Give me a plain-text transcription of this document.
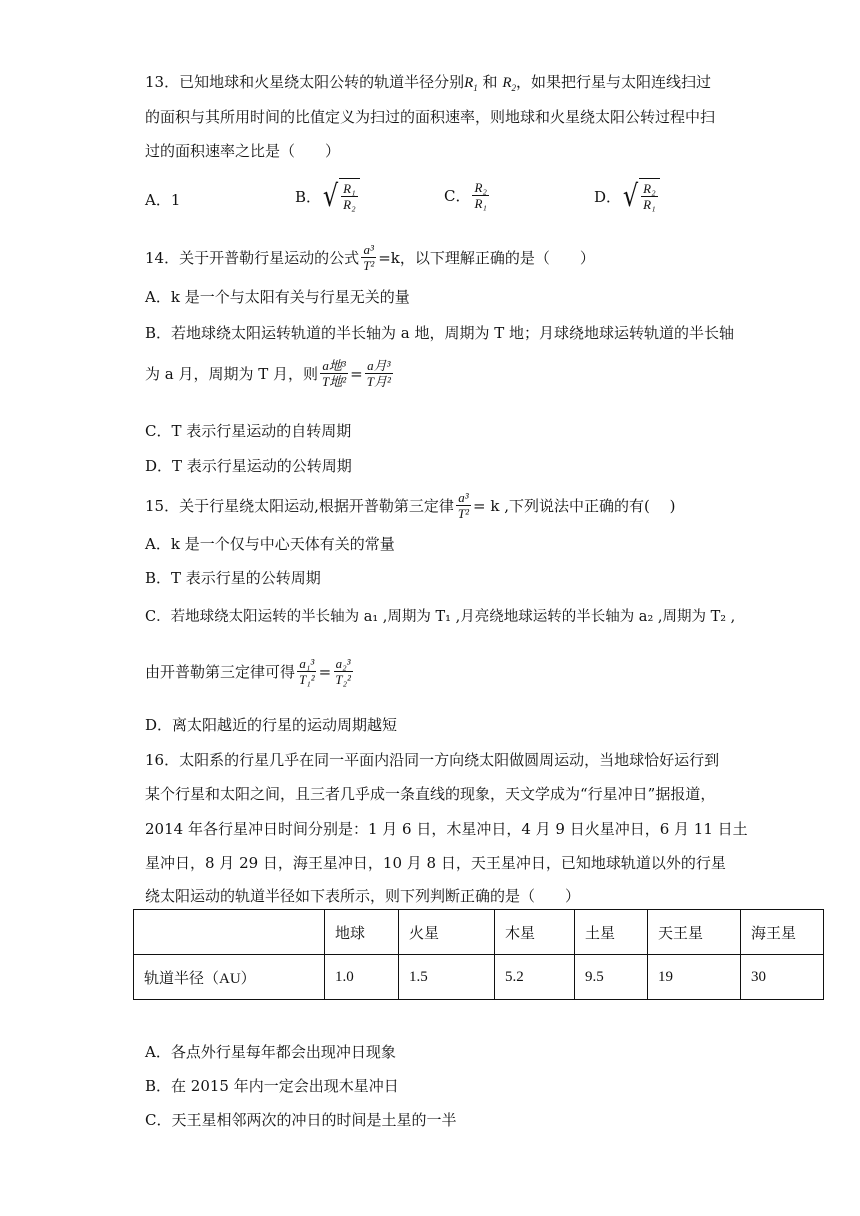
13．已知地球和火星绕太阳公转的轨道半径分别$R_1$ 和 $R_2$，如果把行星与太阳连线扫过
的面积与其所用时间的比值定义为扫过的面积速率，则地球和火星绕太阳公转过程中扫
过的面积速率之比是（　　）
A．1	B． √ $\frac{\text{R₁}}{\text{R₂}}$	C． $\frac{\text{R₂}}{\text{R₁}}$	D． √ $\frac{\text{R₂}}{\text{R₁}}$
14．关于开普勒行星运动的公式 $\frac{\text{a³}}{\text{T²}} =k$，以下理解正确的是（　　）
A．k 是一个与太阳有关与行星无关的量
B．若地球绕太阳运转轨道的半长轴为 a 地，周期为 T 地；月球绕地球运转轨道的半长轴
为 a 月，周期为 T 月，则 $\frac{\text{a地³}}{\text{T地²}} = \frac{\text{a月³}}{\text{T月²}}$
C．T 表示行星运动的自转周期
D．T 表示行星运动的公转周期
15．关于行星绕太阳运动,根据开普勒第三定律 $\frac{\text{a³}}{\text{T²}} = k$ ,下列说法中正确的有(　 )
A．k 是一个仅与中心天体有关的常量
B．T 表示行星的公转周期
C．若地球绕太阳运转的半长轴为 a₁ ,周期为 T₁ ,月亮绕地球运转的半长轴为 a₂ ,周期为 T₂ ,
由开普勒第三定律可得 $\frac{\text{a₁³}}{\text{T₁²}} = \frac{\text{a₂³}}{\text{T₂²}}$
D．离太阳越近的行星的运动周期越短
16．太阳系的行星几乎在同一平面内沿同一方向绕太阳做圆周运动，当地球恰好运行到
某个行星和太阳之间，且三者几乎成一条直线的现象，天文学成为“行星冲日”据报道，
2014 年各行星冲日时间分别是：1 月 6 日，木星冲日，4 月 9 日火星冲日，6 月 11 日土
星冲日，8 月 29 日，海王星冲日，10 月 8 日，天王星冲日，已知地球轨道以外的行星
绕太阳运动的轨道半径如下表所示，则下列判断正确的是（　　）
	地球	火星	木星	土星	天王星	海王星
轨道半径（AU）	1.0	1.5	5.2	9.5	19	30
A．各点外行星每年都会出现冲日现象
B．在 2015 年内一定会出现木星冲日
C．天王星相邻两次的冲日的时间是土星的一半
